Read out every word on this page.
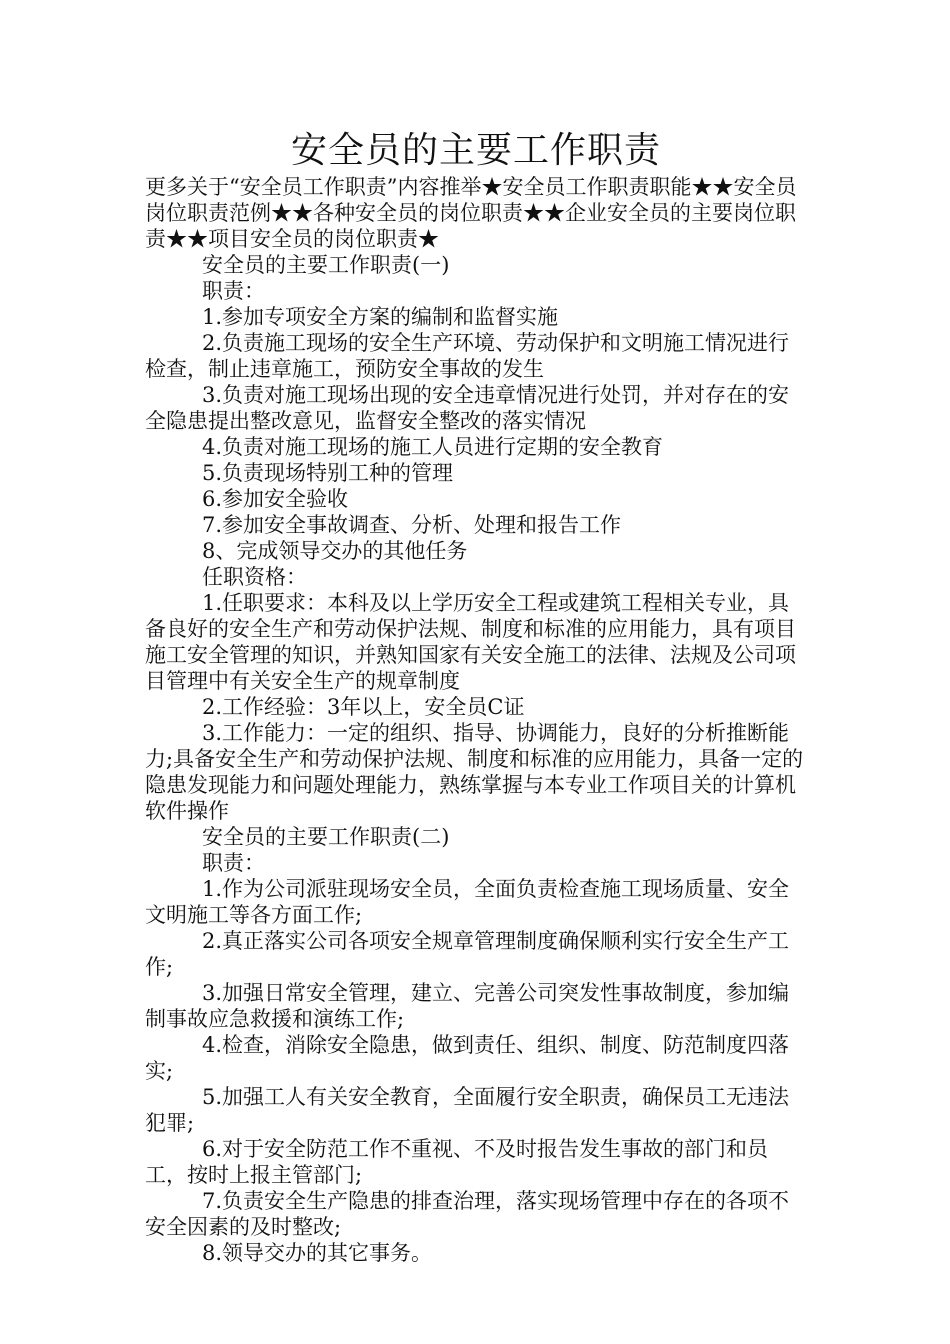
安全员的主要工作职责

更多关于“安全员工作职责”内容推举★安全员工作职责职能★★安全员岗位职责范例★★各种安全员的岗位职责★★企业安全员的主要岗位职责★★项目安全员的岗位职责★

安全员的主要工作职责(一)

职责：

1.参加专项安全方案的编制和监督实施

2.负责施工现场的安全生产环境、劳动保护和文明施工情况进行检查，制止违章施工，预防安全事故的发生

3.负责对施工现场出现的安全违章情况进行处罚，并对存在的安全隐患提出整改意见，监督安全整改的落实情况

4.负责对施工现场的施工人员进行定期的安全教育

5.负责现场特别工种的管理

6.参加安全验收

7.参加安全事故调查、分析、处理和报告工作

8、完成领导交办的其他任务

任职资格：

1.任职要求：本科及以上学历安全工程或建筑工程相关专业，具备良好的安全生产和劳动保护法规、制度和标准的应用能力，具有项目施工安全管理的知识，并熟知国家有关安全施工的法律、法规及公司项目管理中有关安全生产的规章制度

2.工作经验：3年以上，安全员C证

3.工作能力：一定的组织、指导、协调能力，良好的分析推断能力;具备安全生产和劳动保护法规、制度和标准的应用能力，具备一定的隐患发现能力和问题处理能力，熟练掌握与本专业工作项目关的计算机软件操作

安全员的主要工作职责(二)

职责：

1.作为公司派驻现场安全员，全面负责检查施工现场质量、安全文明施工等各方面工作;

2.真正落实公司各项安全规章管理制度确保顺利实行安全生产工作;

3.加强日常安全管理，建立、完善公司突发性事故制度，参加编制事故应急救援和演练工作;

4.检查，消除安全隐患，做到责任、组织、制度、防范制度四落实;

5.加强工人有关安全教育，全面履行安全职责，确保员工无违法犯罪;

6.对于安全防范工作不重视、不及时报告发生事故的部门和员工，按时上报主管部门;

7.负责安全生产隐患的排查治理，落实现场管理中存在的各项不安全因素的及时整改;

8.领导交办的其它事务。
